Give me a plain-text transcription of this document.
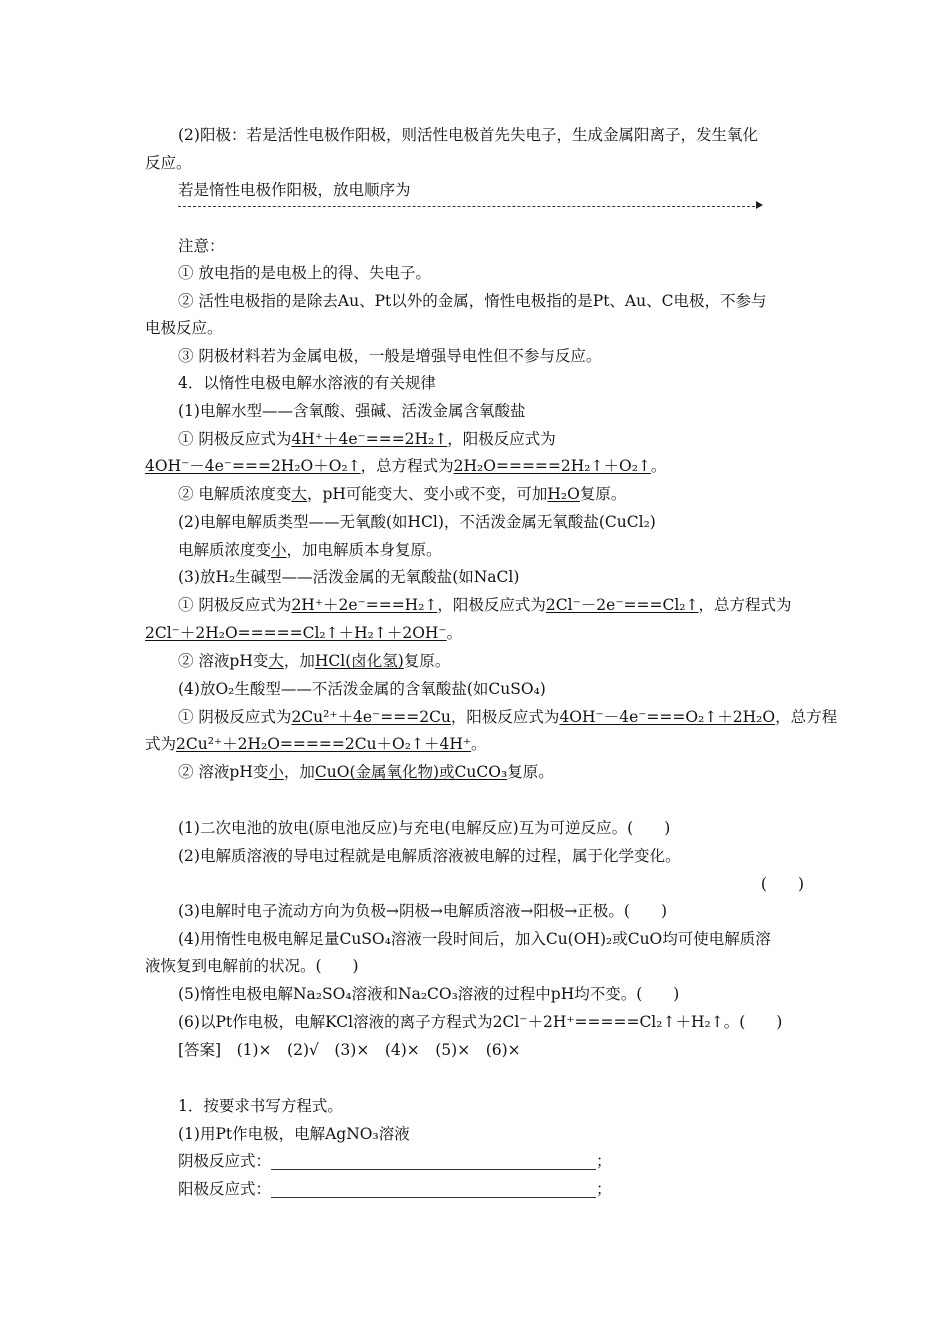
(2)阳极：若是活性电极作阳极，则活性电极首先失电子，生成金属阳离子，发生氧化
反应。
若是惰性电极作阳极，放电顺序为
注意：
① 放电指的是电极上的得、失电子。
② 活性电极指的是除去Au、Pt以外的金属，惰性电极指的是Pt、Au、C电极，不参与
电极反应。
③ 阴极材料若为金属电极，一般是增强导电性但不参与反应。
4．以惰性电极电解水溶液的有关规律
(1)电解水型——含氧酸、强碱、活泼金属含氧酸盐
① 阴极反应式为4H⁺＋4e⁻===2H₂↑，阳极反应式为
4OH⁻－4e⁻===2H₂O＋O₂↑，总方程式为2H₂O=====2H₂↑＋O₂↑。
② 电解质浓度变大，pH可能变大、变小或不变，可加H₂O复原。
(2)电解电解质类型——无氧酸(如HCl)，不活泼金属无氧酸盐(CuCl₂)
电解质浓度变小，加电解质本身复原。
(3)放H₂生碱型——活泼金属的无氧酸盐(如NaCl)
① 阴极反应式为2H⁺＋2e⁻===H₂↑，阳极反应式为2Cl⁻－2e⁻===Cl₂↑，总方程式为
2Cl⁻＋2H₂O=====Cl₂↑＋H₂↑＋2OH⁻。
② 溶液pH变大，加HCl(卤化氢)复原。
(4)放O₂生酸型——不活泼金属的含氧酸盐(如CuSO₄)
① 阴极反应式为2Cu²⁺＋4e⁻===2Cu，阳极反应式为4OH⁻－4e⁻===O₂↑＋2H₂O，总方程
式为2Cu²⁺＋2H₂O=====2Cu＋O₂↑＋4H⁺。
② 溶液pH变小，加CuO(金属氧化物)或CuCO₃复原。
(1)二次电池的放电(原电池反应)与充电(电解反应)互为可逆反应。(　　)
(2)电解质溶液的导电过程就是电解质溶液被电解的过程，属于化学变化。
(　　)
(3)电解时电子流动方向为负极→阴极→电解质溶液→阳极→正极。(　　)
(4)用惰性电极电解足量CuSO₄溶液一段时间后，加入Cu(OH)₂或CuO均可使电解质溶
液恢复到电解前的状况。(　　)
(5)惰性电极电解Na₂SO₄溶液和Na₂CO₃溶液的过程中pH均不变。(　　)
(6)以Pt作电极，电解KCl溶液的离子方程式为2Cl⁻＋2H⁺=====Cl₂↑＋H₂↑。(　　)
[答案]　(1)×　(2)√　(3)×　(4)×　(5)×　(6)×
1．按要求书写方程式。
(1)用Pt作电极，电解AgNO₃溶液
阴极反应式：	；
阳极反应式：	；
